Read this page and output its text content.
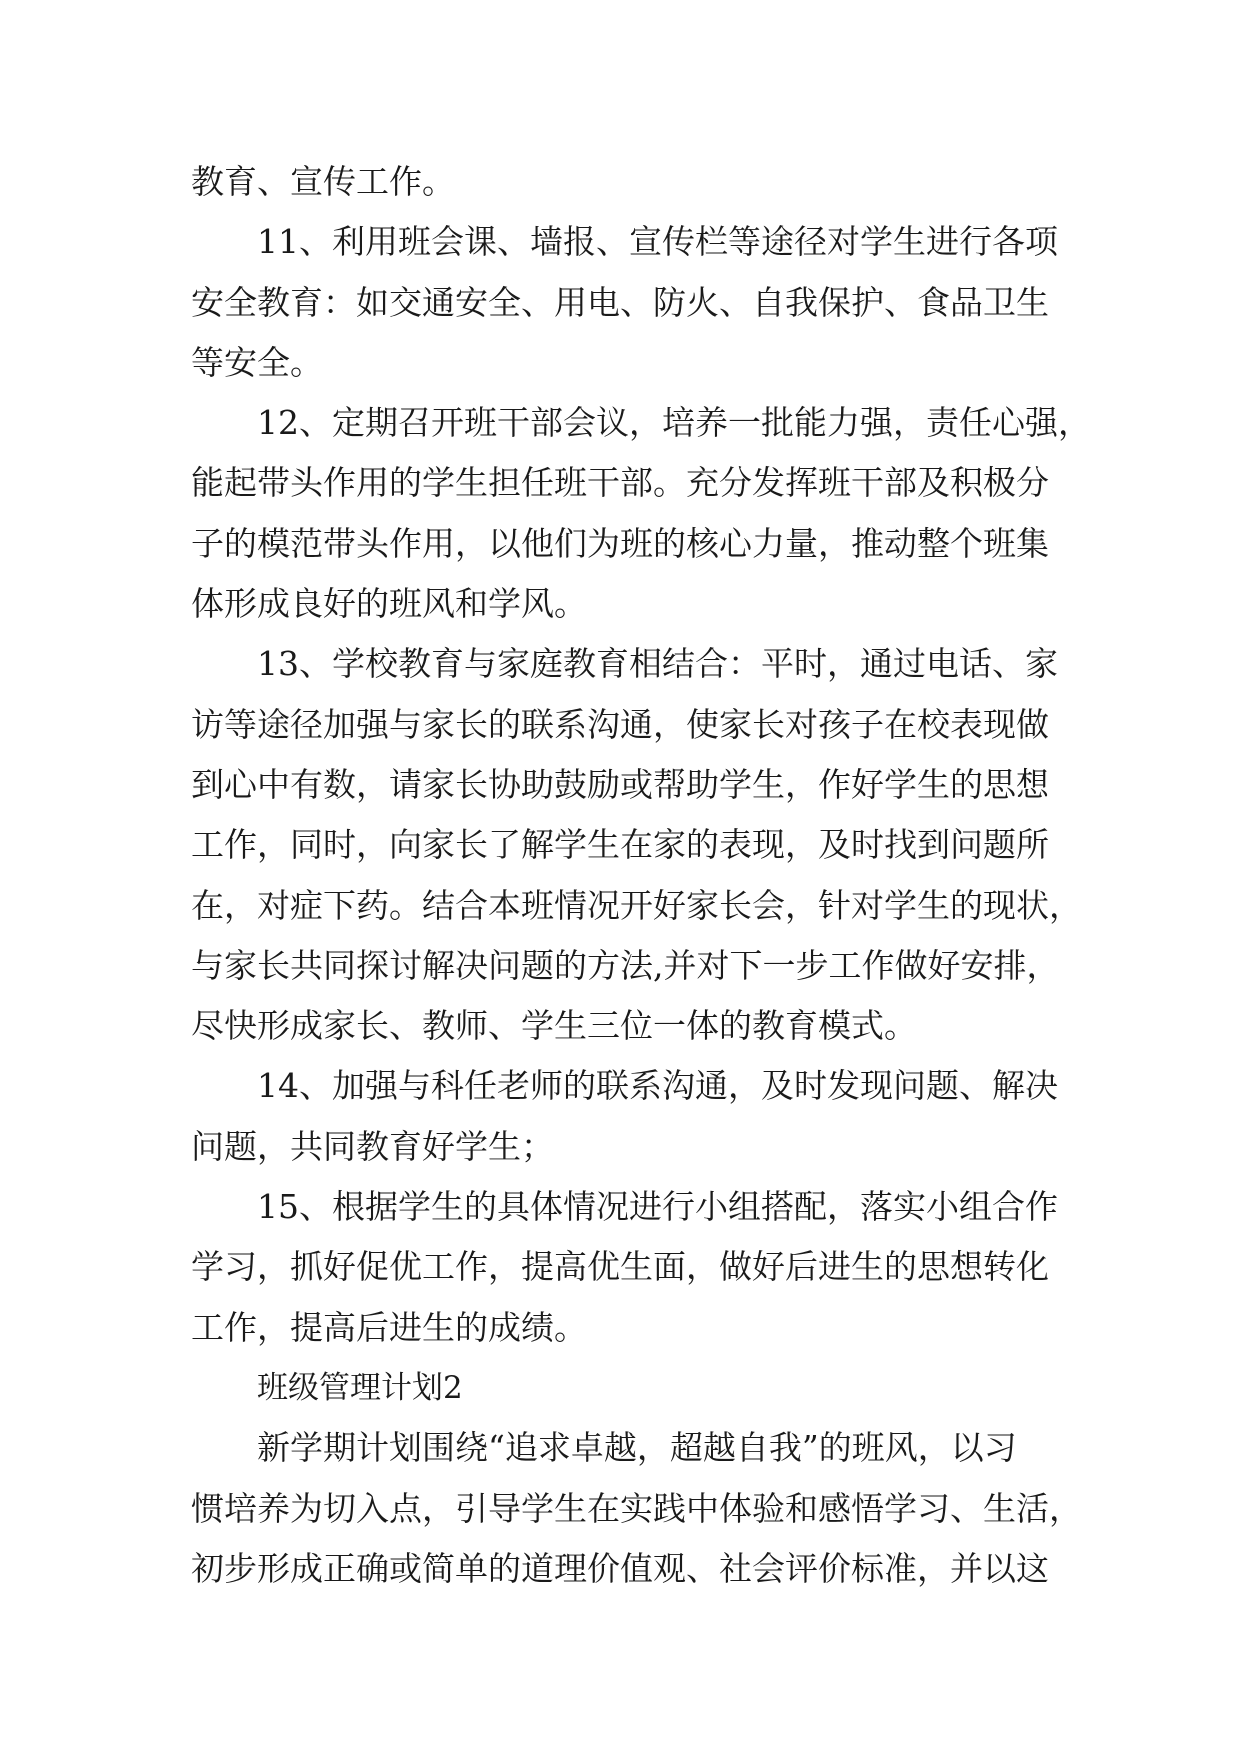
教育、宣传工作。
11、利用班会课、墙报、宣传栏等途径对学生进行各项
安全教育：如交通安全、用电、防火、自我保护、食品卫生
等安全。
12、定期召开班干部会议，培养一批能力强，责任心强，
能起带头作用的学生担任班干部。充分发挥班干部及积极分
子的模范带头作用，以他们为班的核心力量，推动整个班集
体形成良好的班风和学风。
13、学校教育与家庭教育相结合：平时，通过电话、家
访等途径加强与家长的联系沟通，使家长对孩子在校表现做
到心中有数，请家长协助鼓励或帮助学生，作好学生的思想
工作，同时，向家长了解学生在家的表现，及时找到问题所
在，对症下药。结合本班情况开好家长会，针对学生的现状，
与家长共同探讨解决问题的方法,并对下一步工作做好安排，
尽快形成家长、教师、学生三位一体的教育模式。
14、加强与科任老师的联系沟通，及时发现问题、解决
问题，共同教育好学生；
15、根据学生的具体情况进行小组搭配，落实小组合作
学习，抓好促优工作，提高优生面，做好后进生的思想转化
工作，提高后进生的成绩。
班级管理计划2
新学期计划围绕“追求卓越，超越自我”的班风，以习
惯培养为切入点，引导学生在实践中体验和感悟学习、生活，
初步形成正确或简单的道理价值观、社会评价标准，并以这
